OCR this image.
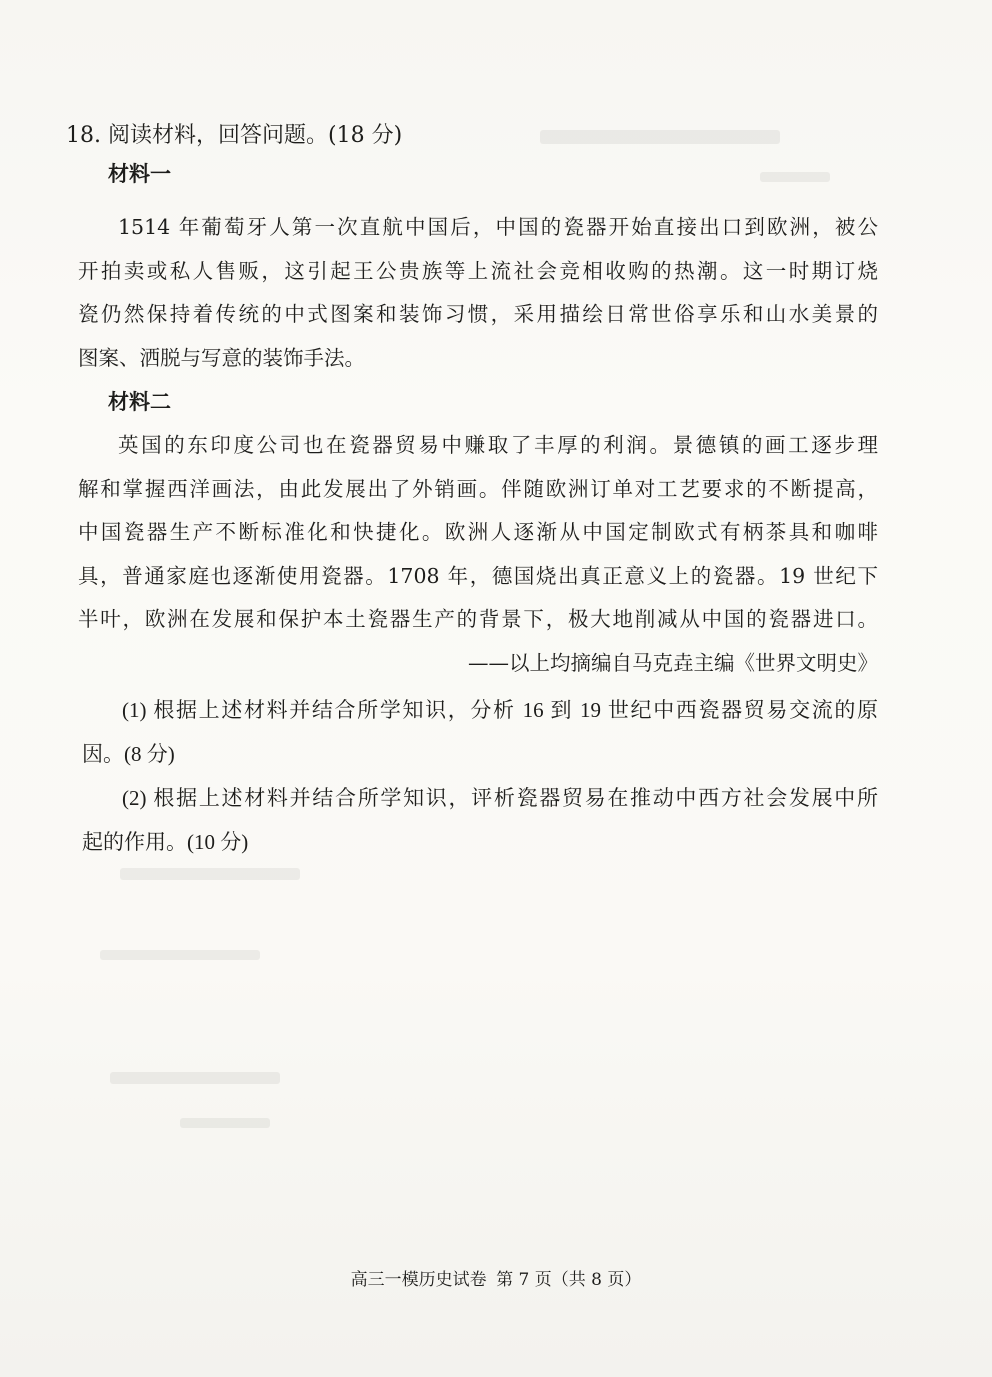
18. 阅读材料，回答问题。(18 分)
材料一
1514 年葡萄牙人第一次直航中国后，中国的瓷器开始直接出口到欧洲，被公
开拍卖或私人售贩，这引起王公贵族等上流社会竞相收购的热潮。这一时期订烧
瓷仍然保持着传统的中式图案和装饰习惯，采用描绘日常世俗享乐和山水美景的
图案、洒脱与写意的装饰手法。
材料二
英国的东印度公司也在瓷器贸易中赚取了丰厚的利润。景德镇的画工逐步理
解和掌握西洋画法，由此发展出了外销画。伴随欧洲订单对工艺要求的不断提高，
中国瓷器生产不断标准化和快捷化。欧洲人逐渐从中国定制欧式有柄茶具和咖啡
具，普通家庭也逐渐使用瓷器。1708 年，德国烧出真正意义上的瓷器。19 世纪下
半叶，欧洲在发展和保护本土瓷器生产的背景下，极大地削减从中国的瓷器进口。
——以上均摘编自马克垚主编《世界文明史》
(1) 根据上述材料并结合所学知识，分析 16 到 19 世纪中西瓷器贸易交流的原
因。(8 分)
(2) 根据上述材料并结合所学知识，评析瓷器贸易在推动中西方社会发展中所
起的作用。(10 分)
高三一模历史试卷 第 7 页（共 8 页）
